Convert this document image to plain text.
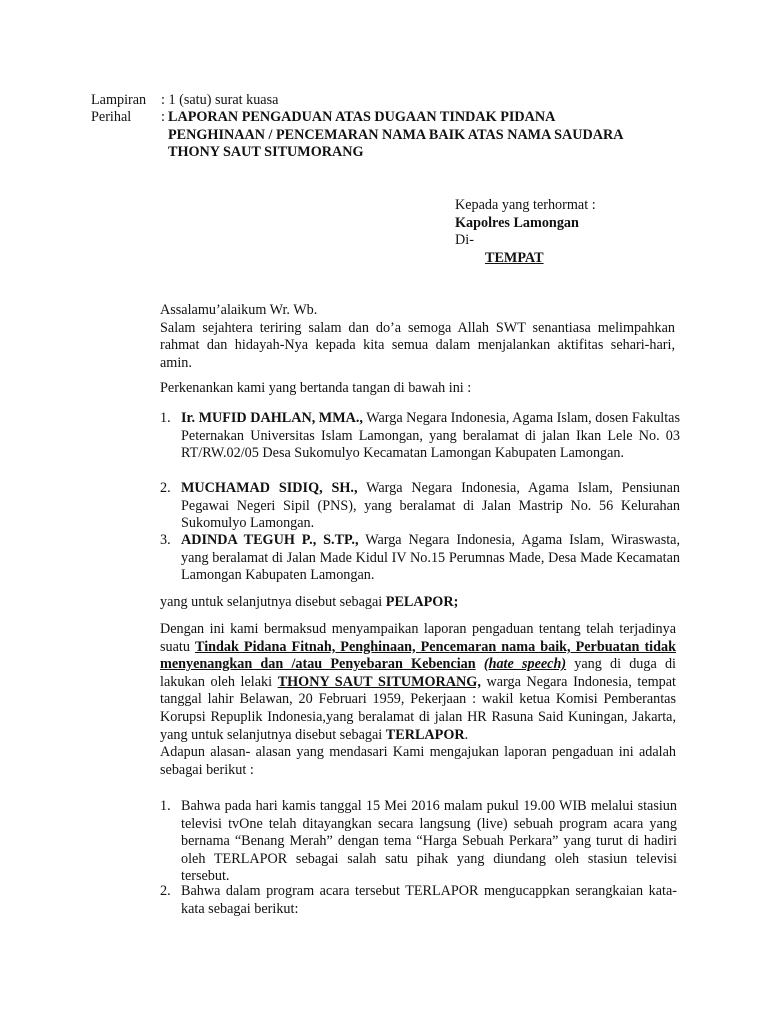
Lampiran	: 1 (satu) surat kuasa
Perihal	: LAPORAN PENGADUAN ATAS DUGAAN TINDAK PIDANA
PENGHINAAN / PENCEMARAN NAMA BAIK ATAS NAMA SAUDARA
THONY SAUT SITUMORANG
Kepada yang terhormat :
Kapolres Lamongan
Di-
TEMPAT

Assalamu’alaikum Wr. Wb.

Salam sejahtera teriring salam dan do’a semoga Allah SWT senantiasa melimpahkan rahmat dan hidayah-Nya kepada kita semua dalam menjalankan aktifitas sehari-hari, amin.

Perkenankan kami yang bertanda tangan di bawah ini :
1. Ir. MUFID DAHLAN, MMA., Warga Negara Indonesia, Agama Islam, dosen Fakultas Peternakan Universitas Islam Lamongan, yang beralamat di jalan Ikan Lele No. 03 RT/RW.02/05 Desa Sukomulyo Kecamatan Lamongan Kabupaten Lamongan.

2. MUCHAMAD SIDIQ, SH., Warga Negara Indonesia, Agama Islam, Pensiunan Pegawai Negeri Sipil (PNS), yang beralamat di Jalan Mastrip No. 56 Kelurahan Sukomulyo Lamongan.

3. ADINDA TEGUH P., S.TP., Warga Negara Indonesia, Agama Islam, Wiraswasta, yang beralamat di Jalan Made Kidul IV No.15 Perumnas Made, Desa Made Kecamatan Lamongan Kabupaten Lamongan.

yang untuk selanjutnya disebut sebagai PELAPOR;

Dengan ini kami bermaksud menyampaikan laporan pengaduan tentang telah terjadinya suatu Tindak Pidana Fitnah, Penghinaan, Pencemaran nama baik, Perbuatan tidak menyenangkan dan /atau Penyebaran Kebencian (hate speech) yang di duga di lakukan oleh lelaki THONY SAUT SITUMORANG, warga Negara Indonesia, tempat tanggal lahir Belawan, 20 Februari 1959, Pekerjaan : wakil ketua Komisi Pemberantas Korupsi Repuplik Indonesia,yang beralamat di jalan HR Rasuna Said Kuningan, Jakarta, yang untuk selanjutnya disebut sebagai TERLAPOR.

Adapun alasan- alasan yang mendasari Kami mengajukan laporan pengaduan ini adalah sebagai berikut :

1. Bahwa pada hari kamis tanggal 15 Mei 2016 malam pukul 19.00 WIB melalui stasiun televisi tvOne telah ditayangkan secara langsung (live) sebuah program acara yang bernama “Benang Merah” dengan tema “Harga Sebuah Perkara” yang turut di hadiri oleh TERLAPOR sebagai salah satu pihak yang diundang oleh stasiun televisi tersebut.

2. Bahwa dalam program acara tersebut TERLAPOR mengucappkan serangkaian kata-kata sebagai berikut:
